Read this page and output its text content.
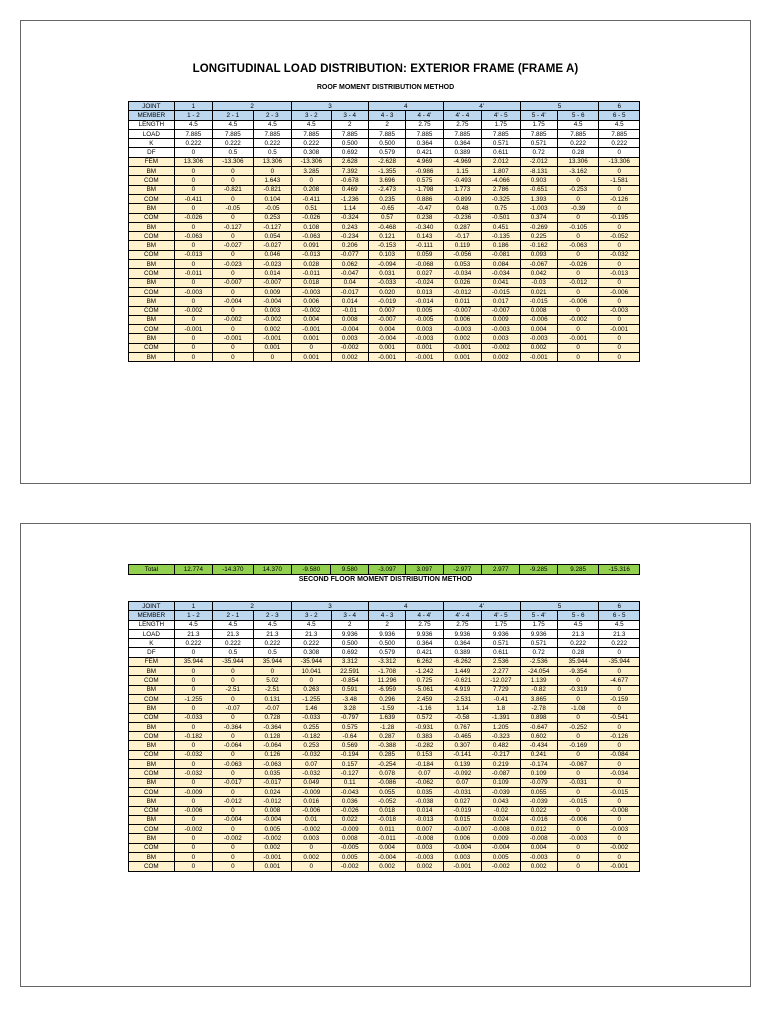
LONGITUDINAL LOAD DISTRIBUTION: EXTERIOR FRAME (FRAME A)
ROOF MOMENT DISTRIBUTION METHOD
JOINT	1	2		3		4		4'		5		6
MEMBER	1 - 2	2 - 1	2 - 3	3 - 2	3 - 4	4 - 3	4 - 4'	4' - 4	4' - 5	5 - 4'	5 - 6	6 - 5
LENGTH	4.5	4.5	4.5	4.5	2	2	2.75	2.75	1.75	1.75	4.5	4.5
LOAD	7.885	7.885	7.885	7.885	7.885	7.885	7.885	7.885	7.885	7.885	7.885	7.885
K	0.222	0.222	0.222	0.222	0.500	0.500	0.364	0.364	0.571	0.571	0.222	0.222
DF	0	0.5	0.5	0.308	0.692	0.579	0.421	0.389	0.611	0.72	0.28	0
FEM	13.306	-13.306	13.306	-13.306	2.628	-2.628	4.969	-4.969	2.012	-2.012	13.306	-13.306
BM	0	0	0	3.285	7.392	-1.355	-0.986	1.15	1.807	-8.131	-3.162	0
COM	0	0	1.643	0	-0.678	3.696	0.575	-0.493	-4.066	0.903	0	-1.581
BM	0	-0.821	-0.821	0.208	0.469	-2.473	-1.798	1.773	2.786	-0.651	-0.253	0
COM	-0.411	0	0.104	-0.411	-1.236	0.235	0.886	-0.899	-0.325	1.393	0	-0.126
BM	0	-0.05	-0.05	0.51	1.14	-0.65	-0.47	0.48	0.75	-1.003	-0.39	0
COM	-0.026	0	0.253	-0.026	-0.324	0.57	0.238	-0.236	-0.501	0.374	0	-0.195
BM	0	-0.127	-0.127	0.108	0.243	-0.468	-0.340	0.287	0.451	-0.269	-0.105	0
COM	-0.063	0	0.054	-0.063	-0.234	0.121	0.143	-0.17	-0.135	0.225	0	-0.052
BM	0	-0.027	-0.027	0.091	0.206	-0.153	-0.111	0.119	0.186	-0.162	-0.063	0
COM	-0.013	0	0.046	-0.013	-0.077	0.103	0.059	-0.056	-0.081	0.093	0	-0.032
BM	0	-0.023	-0.023	0.028	0.062	-0.094	-0.068	0.053	0.084	-0.067	-0.026	0
COM	-0.011	0	0.014	-0.011	-0.047	0.031	0.027	-0.034	-0.034	0.042	0	-0.013
BM	0	-0.007	-0.007	0.018	0.04	-0.033	-0.024	0.026	0.041	-0.03	-0.012	0
COM	-0.003	0	0.009	-0.003	-0.017	0.020	0.013	-0.012	-0.015	0.021	0	-0.006
BM	0	-0.004	-0.004	0.006	0.014	-0.019	-0.014	0.011	0.017	-0.015	-0.006	0
COM	-0.002	0	0.003	-0.002	-0.01	0.007	0.005	-0.007	-0.007	0.008	0	-0.003
BM	0	-0.002	-0.002	0.004	0.008	-0.007	-0.005	0.006	0.009	-0.006	-0.002	0
COM	-0.001	0	0.002	-0.001	-0.004	0.004	0.003	-0.003	-0.003	0.004	0	-0.001
BM	0	-0.001	-0.001	0.001	0.003	-0.004	-0.003	0.002	0.003	-0.003	-0.001	0
COM	0	0	0.001	0	-0.002	0.001	0.001	-0.001	-0.002	0.002	0	0
BM	0	0	0	0.001	0.002	-0.001	-0.001	0.001	0.002	-0.001	0	0
Total	12.774	-14.370	14.370	-9.580	9.580	-3.097	3.097	-2.977	2.977	-9.285	9.285	-15.316
SECOND FLOOR MOMENT DISTRIBUTION METHOD
JOINT	1	2		3		4		4'		5		6
MEMBER	1 - 2	2 - 1	2 - 3	3 - 2	3 - 4	4 - 3	4 - 4'	4' - 4	4' - 5	5 - 4'	5 - 6	6 - 5
LENGTH	4.5	4.5	4.5	4.5	2	2	2.75	2.75	1.75	1.75	4.5	4.5
LOAD	21.3	21.3	21.3	21.3	9.936	9.936	9.936	9.936	9.936	9.936	21.3	21.3
K	0.222	0.222	0.222	0.222	0.500	0.500	0.364	0.364	0.571	0.571	0.222	0.222
DF	0	0.5	0.5	0.308	0.692	0.579	0.421	0.389	0.611	0.72	0.28	0
FEM	35.944	-35.944	35.944	-35.944	3.312	-3.312	6.262	-6.262	2.536	-2.536	35.944	-35.944
BM	0	0	0	10.041	22.591	-1.708	-1.242	1.449	2.277	-24.054	-9.354	0
COM	0	0	5.02	0	-0.854	11.296	0.725	-0.621	-12.027	1.139	0	-4.677
BM	0	-2.51	-2.51	0.263	0.591	-6.959	-5.061	4.919	7.729	-0.82	-0.319	0
COM	-1.255	0	0.131	-1.255	-3.48	0.296	2.459	-2.531	-0.41	3.865	0	-0.159
BM	0	-0.07	-0.07	1.46	3.28	-1.59	-1.16	1.14	1.8	-2.78	-1.08	0
COM	-0.033	0	0.728	-0.033	-0.797	1.639	0.572	-0.58	-1.391	0.898	0	-0.541
BM	0	-0.364	-0.364	0.255	0.575	-1.28	-0.931	0.767	1.205	-0.647	-0.252	0
COM	-0.182	0	0.128	-0.182	-0.64	0.287	0.383	-0.465	-0.323	0.602	0	-0.126
BM	0	-0.064	-0.064	0.253	0.569	-0.388	-0.282	0.307	0.482	-0.434	-0.169	0
COM	-0.032	0	0.126	-0.032	-0.194	0.285	0.153	-0.141	-0.217	0.241	0	-0.084
BM	0	-0.063	-0.063	0.07	0.157	-0.254	-0.184	0.139	0.219	-0.174	-0.067	0
COM	-0.032	0	0.035	-0.032	-0.127	0.078	0.07	-0.092	-0.087	0.109	0	-0.034
BM	0	-0.017	-0.017	0.049	0.11	-0.086	-0.062	0.07	0.109	-0.079	-0.031	0
COM	-0.009	0	0.024	-0.009	-0.043	0.055	0.035	-0.031	-0.039	0.055	0	-0.015
BM	0	-0.012	-0.012	0.016	0.036	-0.052	-0.038	0.027	0.043	-0.039	-0.015	0
COM	-0.006	0	0.008	-0.006	-0.026	0.018	0.014	-0.019	-0.02	0.022	0	-0.008
BM	0	-0.004	-0.004	0.01	0.022	-0.018	-0.013	0.015	0.024	-0.016	-0.006	0
COM	-0.002	0	0.005	-0.002	-0.009	0.011	0.007	-0.007	-0.008	0.012	0	-0.003
BM	0	-0.002	-0.002	0.003	0.008	-0.011	-0.008	0.006	0.009	-0.008	-0.003	0
COM	0	0	0.002	0	-0.005	0.004	0.003	-0.004	-0.004	0.004	0	-0.002
BM	0	0	-0.001	0.002	0.005	-0.004	-0.003	0.003	0.005	-0.003	0	0
COM	0	0	0.001	0	-0.002	0.002	0.002	-0.001	-0.002	0.002	0	-0.001
